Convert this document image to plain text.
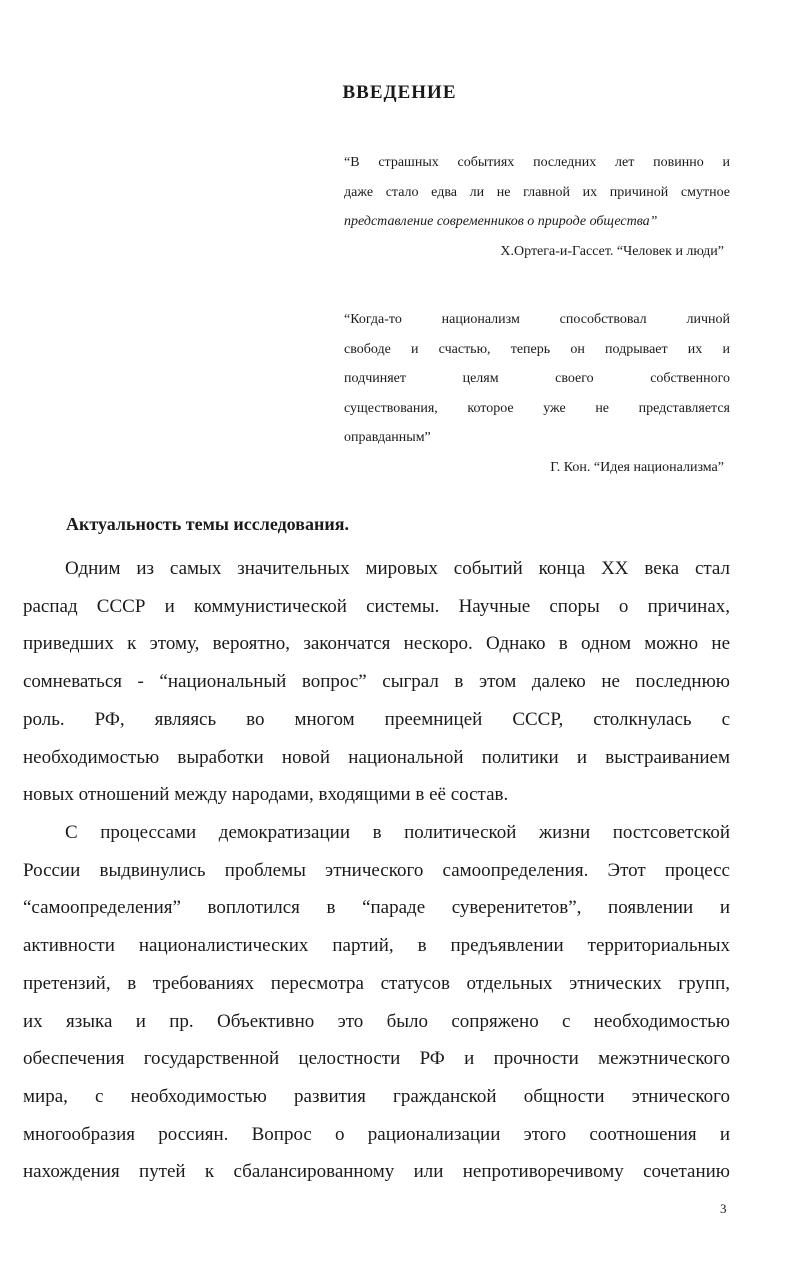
ВВЕДЕНИЕ

“В страшных событиях последних лет повинно и
даже стало едва ли не главной их причиной смутное
представление современников о природе общества”

Х.Ортега-и-Гассет. “Человек и люди”

“Когда-то национализм способствовал личной
свободе и счастью, теперь он подрывает их и
подчиняет целям своего собственного
существования, которое уже не представляется
оправданным”

Г. Кон. “Идея национализма”

Актуальность темы исследования.

Одним из самых значительных мировых событий конца ХХ века стал
распад СССР и коммунистической системы. Научные споры о причинах,
приведших к этому, вероятно, закончатся нескоро. Однако в одном можно не
сомневаться - “национальный вопрос” сыграл в этом далеко не последнюю
роль. РФ, являясь во многом преемницей СССР, столкнулась с
необходимостью выработки новой национальной политики и выстраиванием
новых отношений между народами, входящими в её состав.

С процессами демократизации в политической жизни постсоветской
России выдвинулись проблемы этнического самоопределения. Этот процесс
“самоопределения” воплотился в “параде суверенитетов”, появлении и
активности националистических партий, в предъявлении территориальных
претензий, в требованиях пересмотра статусов отдельных этнических групп,
их языка и пр. Объективно это было сопряжено с необходимостью
обеспечения государственной целостности РФ и прочности межэтнического
мира, с необходимостью развития гражданской общности этнического
многообразия россиян. Вопрос о рационализации этого соотношения и
нахождения путей к сбалансированному или непротиворечивому сочетанию

3
